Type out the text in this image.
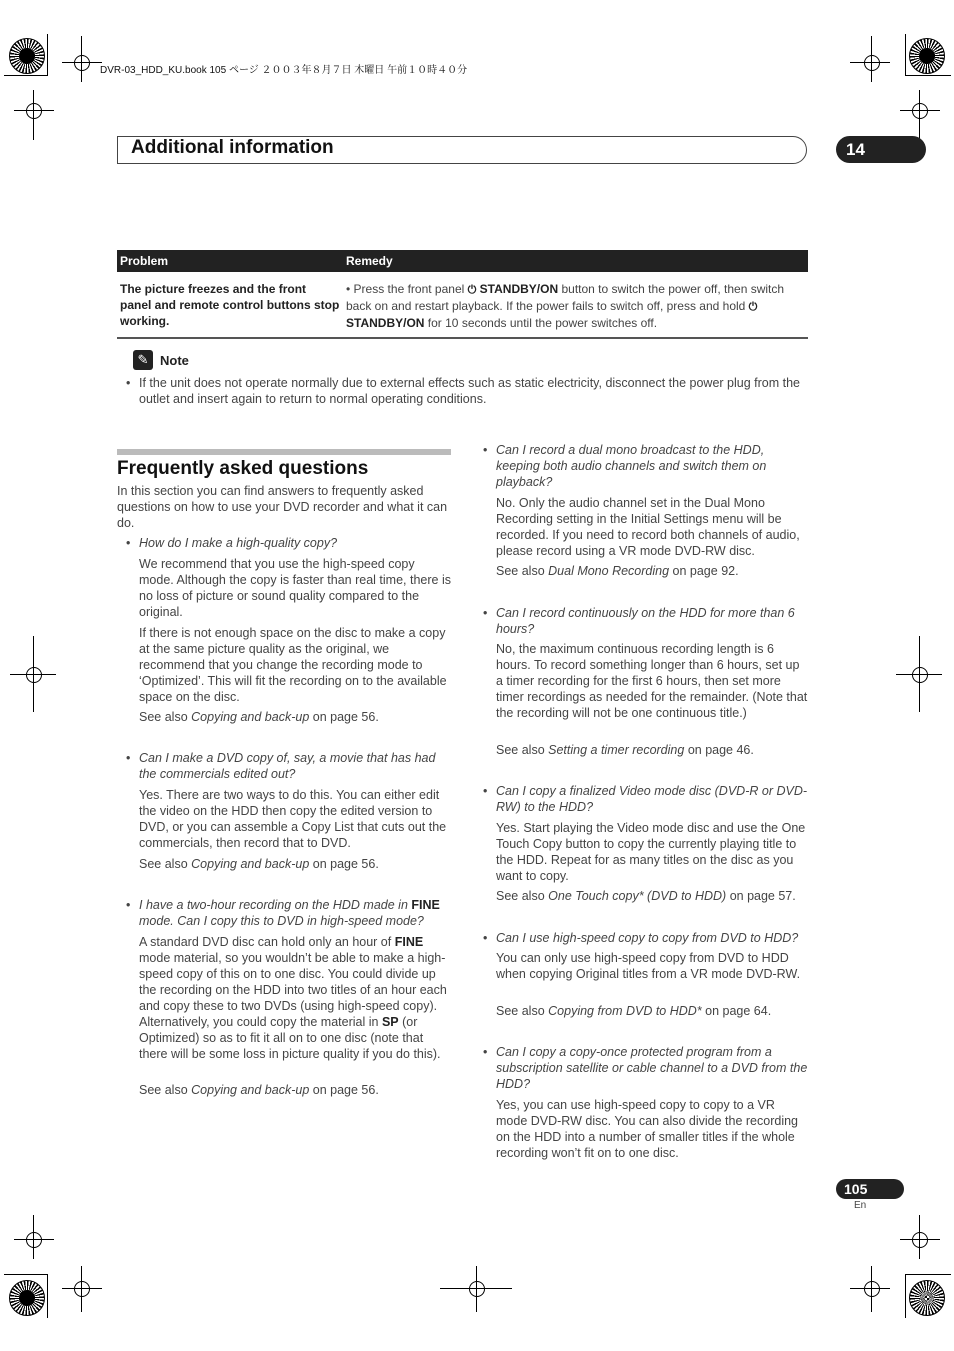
DVR-03_HDD_KU.book 105 ページ ２００３年８月７日 木曜日 午前１０時４０分
Additional information	14
Problem	Remedy
The picture freezes and the front panel and remote control buttons stop working.	• Press the front panel ⏻ STANDBY/ON button to switch the power off, then switch back on and restart playback. If the power fails to switch off, press and hold ⏻ STANDBY/ON for 10 seconds until the power switches off.
✎ Note
• If the unit does not operate normally due to external effects such as static electricity, disconnect the power plug from the outlet and insert again to return to normal operating conditions.
Frequently asked questions
In this section you can find answers to frequently asked questions on how to use your DVD recorder and what it can do.
• How do I make a high-quality copy?
We recommend that you use the high-speed copy mode. Although the copy is faster than real time, there is no loss of picture or sound quality compared to the original.
If there is not enough space on the disc to make a copy at the same picture quality as the original, we recommend that you change the recording mode to ‘Optimized’. This will fit the recording on to the available space on the disc.
See also Copying and back-up on page 56.
• Can I make a DVD copy of, say, a movie that has had the commercials edited out?
Yes. There are two ways to do this. You can either edit the video on the HDD then copy the edited version to DVD, or you can assemble a Copy List that cuts out the commercials, then record that to DVD.
See also Copying and back-up on page 56.
• I have a two-hour recording on the HDD made in FINE mode. Can I copy this to DVD in high-speed mode?
A standard DVD disc can hold only an hour of FINE mode material, so you wouldn’t be able to make a high-speed copy of this on to one disc. You could divide up the recording on the HDD into two titles of an hour each and copy these to two DVDs (using high-speed copy). Alternatively, you could copy the material in SP (or Optimized) so as to fit it all on to one disc (note that there will be some loss in picture quality if you do this).
See also Copying and back-up on page 56.
• Can I record a dual mono broadcast to the HDD, keeping both audio channels and switch them on playback?
No. Only the audio channel set in the Dual Mono Recording setting in the Initial Settings menu will be recorded. If you need to record both channels of audio, please record using a VR mode DVD-RW disc.
See also Dual Mono Recording on page 92.
• Can I record continuously on the HDD for more than 6 hours?
No, the maximum continuous recording length is 6 hours. To record something longer than 6 hours, set up a timer recording for the first 6 hours, then set more timer recordings as needed for the remainder. (Note that the recording will not be one continuous title.)
See also Setting a timer recording on page 46.
• Can I copy a finalized Video mode disc (DVD-R or DVD-RW) to the HDD?
Yes. Start playing the Video mode disc and use the One Touch Copy button to copy the currently playing title to the HDD. Repeat for as many titles on the disc as you want to copy.
See also One Touch copy* (DVD to HDD) on page 57.
• Can I use high-speed copy to copy from DVD to HDD?
You can only use high-speed copy from DVD to HDD when copying Original titles from a VR mode DVD-RW.
See also Copying from DVD to HDD* on page 64.
• Can I copy a copy-once protected program from a subscription satellite or cable channel to a DVD from the HDD?
Yes, you can use high-speed copy to copy to a VR mode DVD-RW disc. You can also divide the recording on the HDD into a number of smaller titles if the whole recording won’t fit on to one disc.
105
En
